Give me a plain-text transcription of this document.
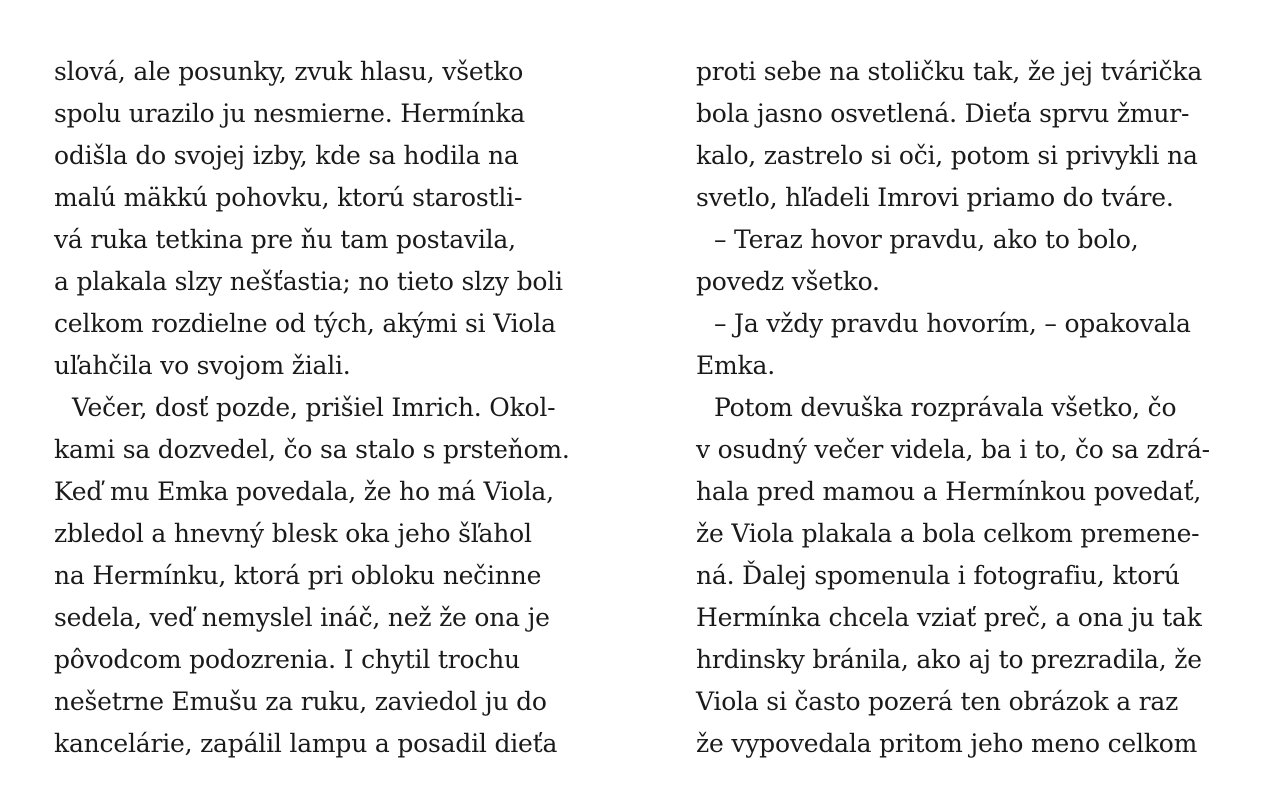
slová, ale posunky, zvuk hlasu, všetko
spolu urazilo ju nesmierne. Hermínka
odišla do svojej izby, kde sa hodila na
malú mäkkú pohovku, ktorú starostli-
vá ruka tetkina pre ňu tam postavila,
a plakala slzy nešťastia; no tieto slzy boli
celkom rozdielne od tých, akými si Viola
uľahčila vo svojom žiali.
Večer, dosť pozde, prišiel Imrich. Okol-
kami sa dozvedel, čo sa stalo s prsteňom.
Keď mu Emka povedala, že ho má Viola,
zbledol a hnevný blesk oka jeho šľahol
na Hermínku, ktorá pri obloku nečinne
sedela, veď nemyslel ináč, než že ona je
pôvodcom podozrenia. I chytil trochu
nešetrne Emušu za ruku, zaviedol ju do
kancelárie, zapálil lampu a posadil dieťa
proti sebe na stoličku tak, že jej tvárička
bola jasno osvetlená. Dieťa sprvu žmur-
kalo, zastrelo si oči, potom si privykli na
svetlo, hľadeli Imrovi priamo do tváre.
– Teraz hovor pravdu, ako to bolo,
povedz všetko.
– Ja vždy pravdu hovorím, – opakovala
Emka.
Potom devuška rozprávala všetko, čo
v osudný večer videla, ba i to, čo sa zdrá-
hala pred mamou a Hermínkou povedať,
že Viola plakala a bola celkom premene-
ná. Ďalej spomenula i fotografiu, ktorú
Hermínka chcela vziať preč, a ona ju tak
hrdinsky bránila, ako aj to prezradila, že
Viola si často pozerá ten obrázok a raz
že vypovedala pritom jeho meno celkom
